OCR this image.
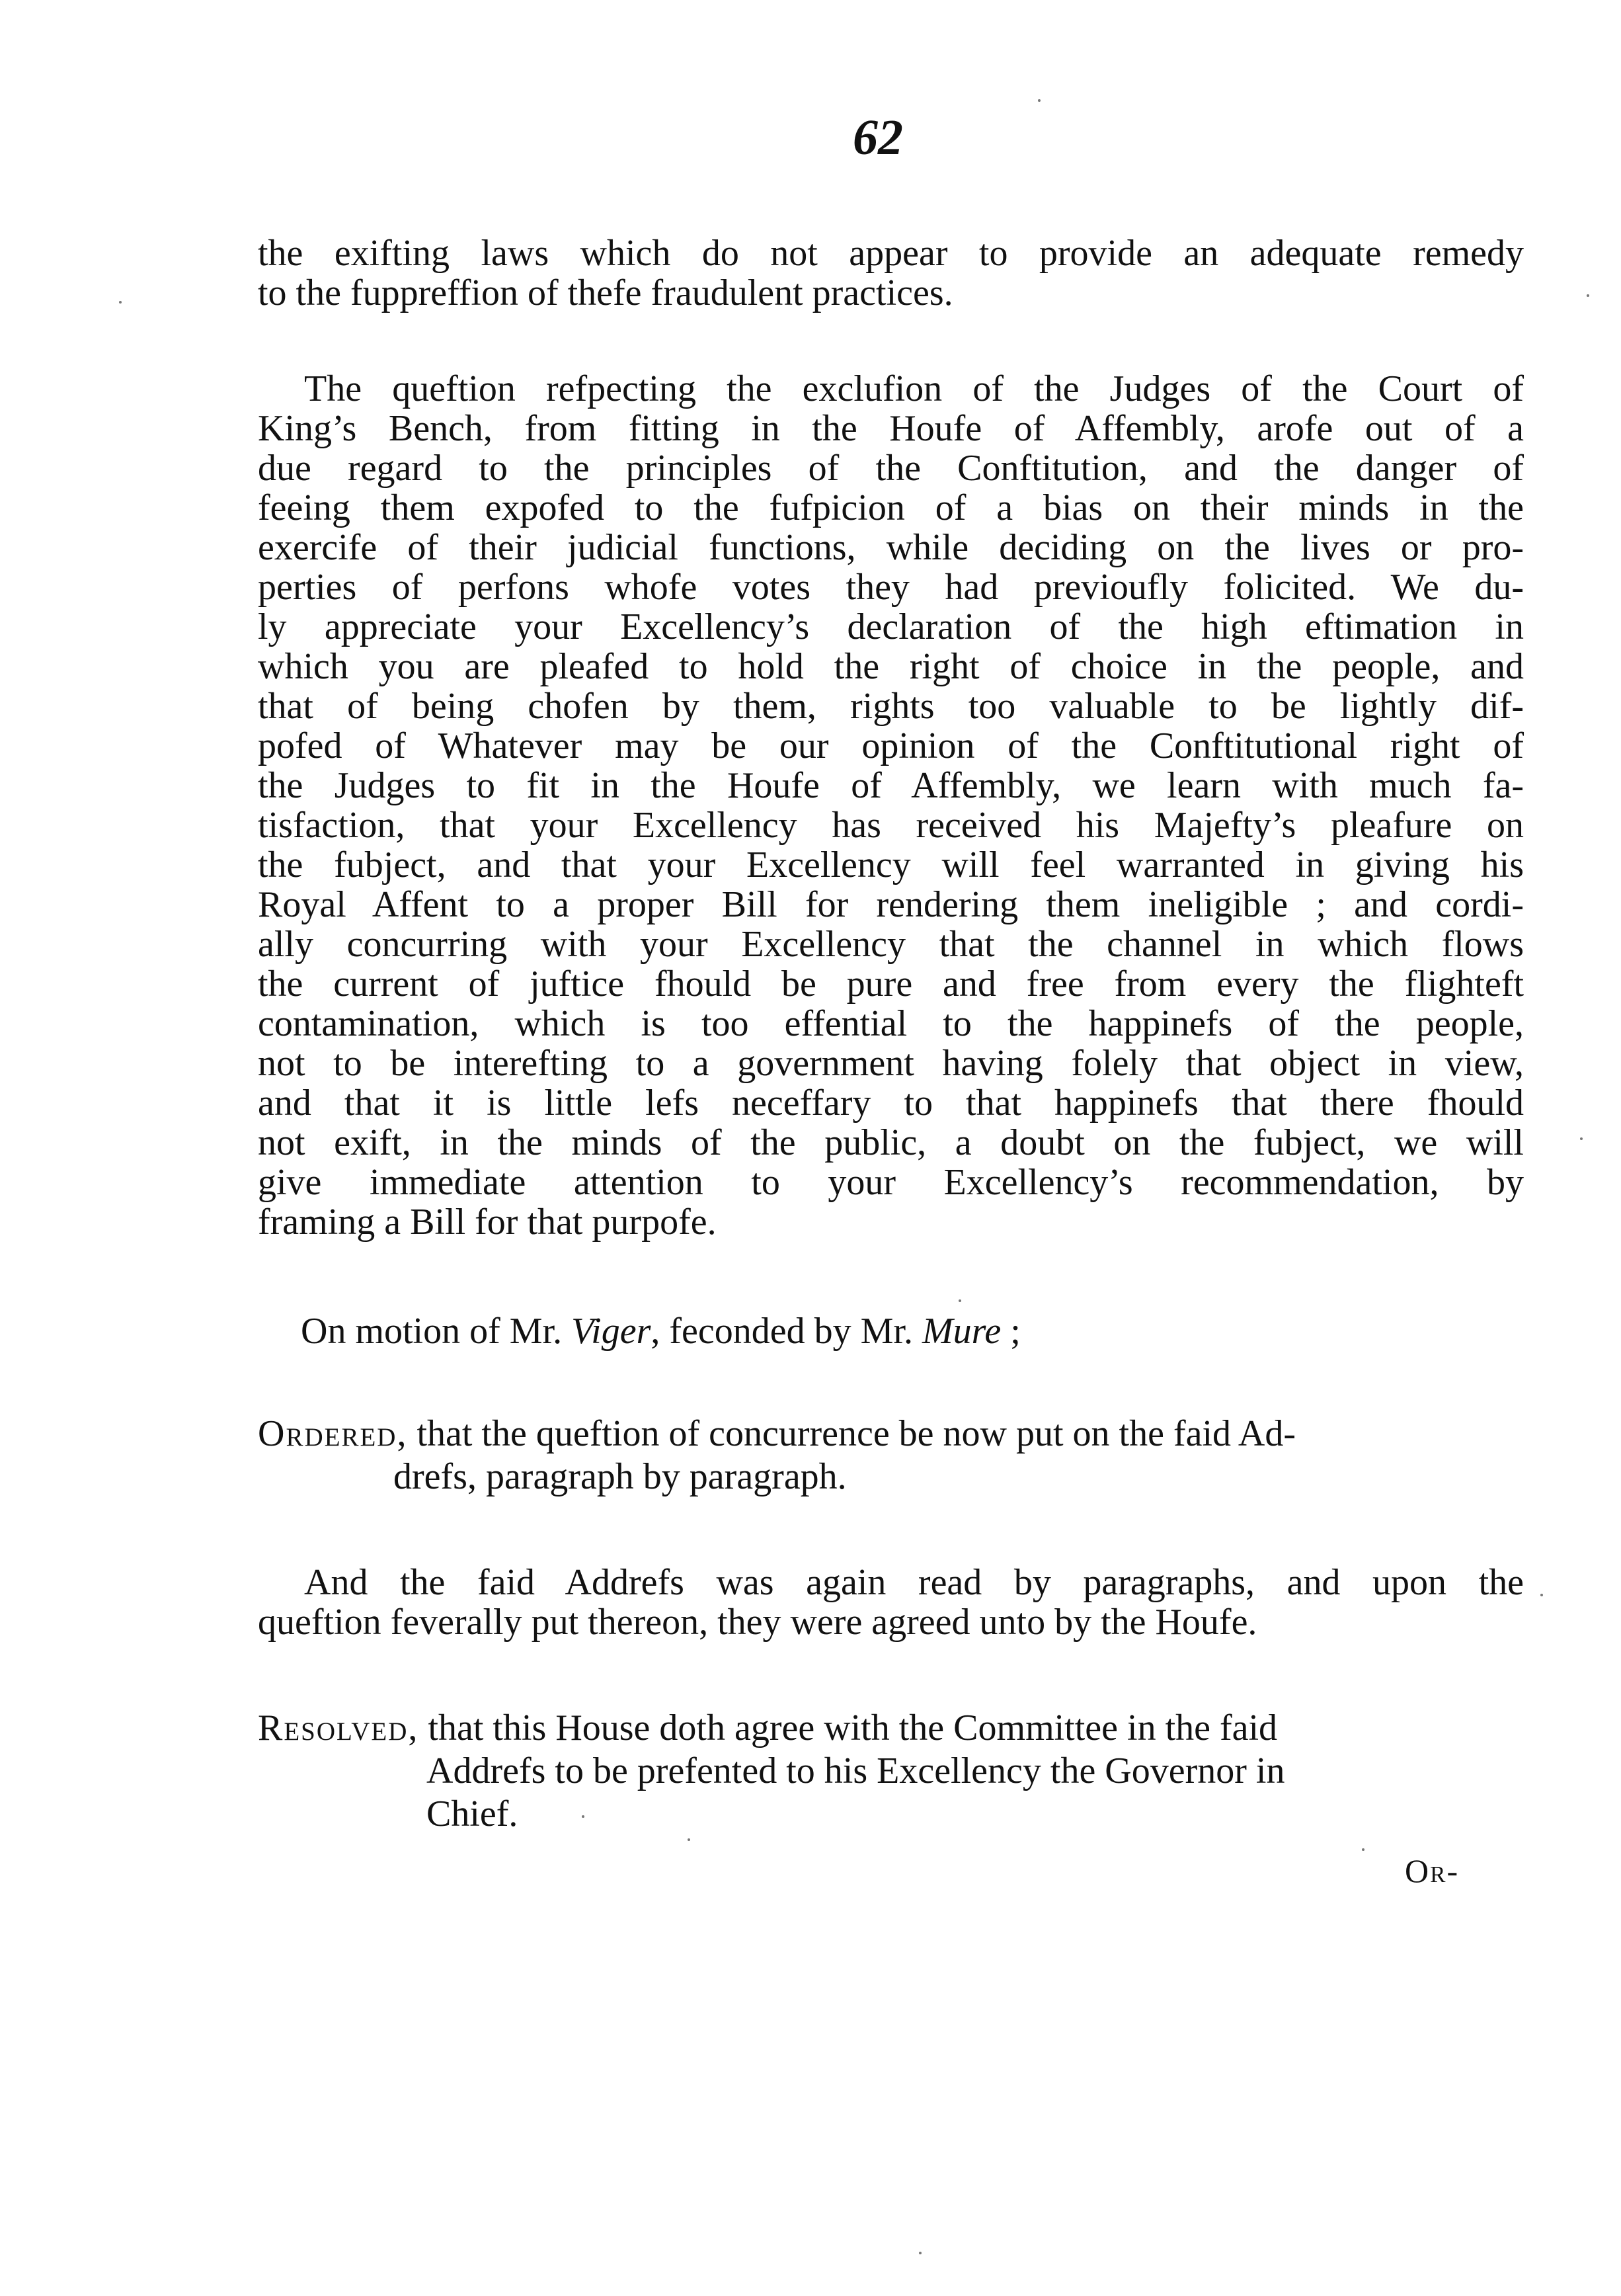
62
the exifting laws which do not appear to provide an adequate remedy
to the fuppreffion of thefe fraudulent practices.
The queftion refpecting the exclufion of the Judges of the Court of
King’s Bench, from fitting in the Houfe of Affembly, arofe out of a
due regard to the principles of the Conftitution, and the danger of
feeing them expofed to the fufpicion of a bias on their minds in the
exercife of their judicial functions, while deciding on the lives or pro-
perties of perfons whofe votes they had previoufly folicited. We du-
ly appreciate your Excellency’s declaration of the high eftimation in
which you are pleafed to hold the right of choice in the people, and
that of being chofen by them, rights too valuable to be lightly dif-
pofed of Whatever may be our opinion of the Conftitutional right of
the Judges to fit in the Houfe of Affembly, we learn with much fa-
tisfaction, that your Excellency has received his Majefty’s pleafure on
the fubject, and that your Excellency will feel warranted in giving his
Royal Affent to a proper Bill for rendering them ineligible ; and cordi-
ally concurring with your Excellency that the channel in which flows
the current of juftice fhould be pure and free from every the flighteft
contamination, which is too effential to the happinefs of the people,
not to be interefting to a government having folely that object in view,
and that it is little lefs neceffary to that happinefs that there fhould
not exift, in the minds of the public, a doubt on the fubject, we will
give immediate attention to your Excellency’s recommendation, by
framing a Bill for that purpofe.
On motion of Mr. Viger, feconded by Mr. Mure ;
Ordered, that the queftion of concurrence be now put on the faid Ad-
drefs, paragraph by paragraph.
And the faid Addrefs was again read by paragraphs, and upon the
queftion feverally put thereon, they were agreed unto by the Houfe.
Resolved, that this House doth agree with the Committee in the faid
Addrefs to be prefented to his Excellency the Governor in
Chief.
Or-
